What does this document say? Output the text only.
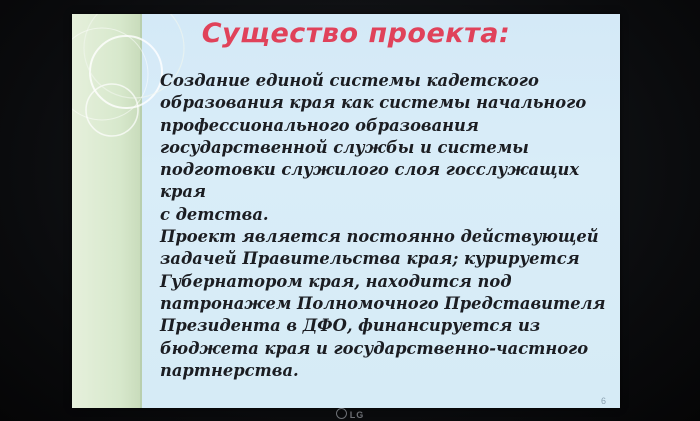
Существо проекта:

Создание единой системы кадетского
образования края как системы начального
профессионального образования
государственной службы и системы
подготовки служилого слоя госслужащих края
с детства.

Проект является постоянно действующей
задачей Правительства края; курируется
Губернатором края, находится под
патронажем Полномочного Представителя
Президента в ДФО, финансируется из
бюджета края и государственно-частного
партнерства.

6
LG
